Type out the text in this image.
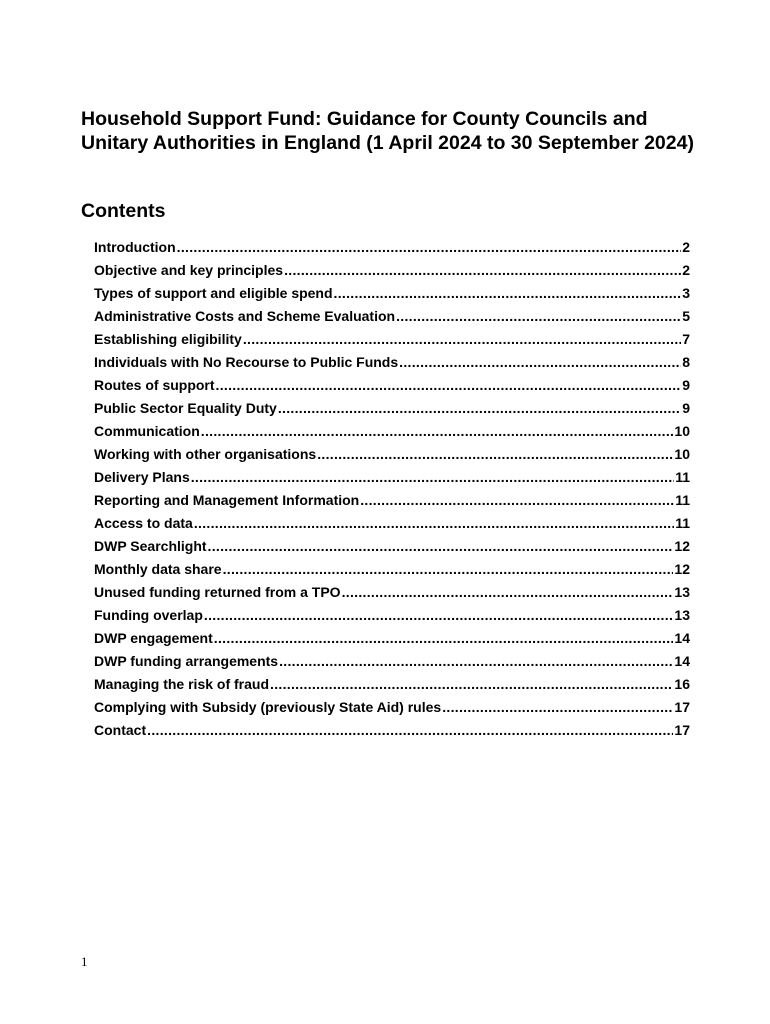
Household Support Fund: Guidance for County Councils and Unitary Authorities in England (1 April 2024 to 30 September 2024)
Contents
Introduction .....	2
Objective and key principles .....	2
Types of support and eligible spend .....	3
Administrative Costs and Scheme Evaluation .....	5
Establishing eligibility .....	7
Individuals with No Recourse to Public Funds .....	8
Routes of support .....	9
Public Sector Equality Duty .....	9
Communication .....	10
Working with other organisations .....	10
Delivery Plans .....	11
Reporting and Management Information .....	11
Access to data .....	11
DWP Searchlight .....	12
Monthly data share .....	12
Unused funding returned from a TPO .....	13
Funding overlap .....	13
DWP engagement .....	14
DWP funding arrangements .....	14
Managing the risk of fraud .....	16
Complying with Subsidy (previously State Aid) rules .....	17
Contact .....	17
1
